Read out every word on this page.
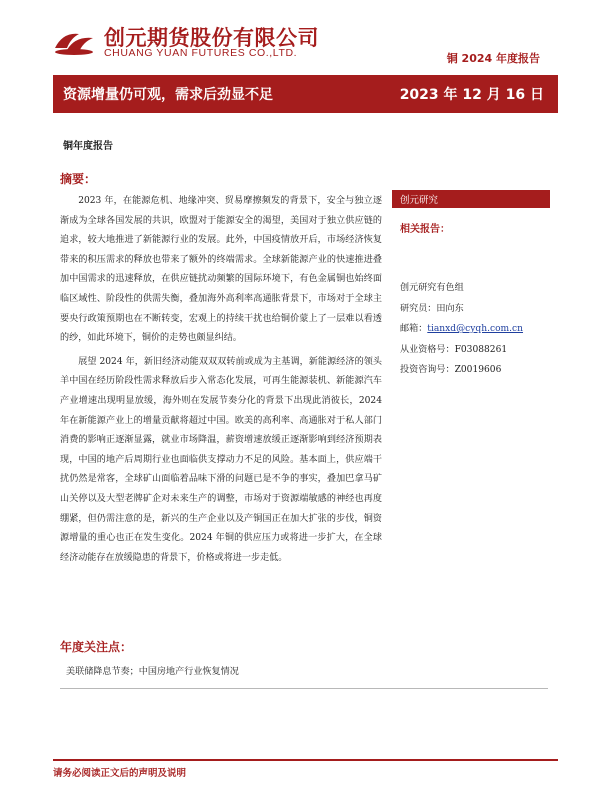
创元期货股份有限公司
CHUANG YUAN FUTURES CO.,LTD.	铜 2024 年度报告
资源增量仍可观，需求后劲显不足	2023 年 12 月 16 日
铜年度报告
摘要：

2023 年，在能源危机、地缘冲突、贸易摩擦频发的背景下，安全与独立逐渐成为全球各国发展的共识，欧盟对于能源安全的渴望，美国对于独立供应链的追求，较大地推进了新能源行业的发展。此外，中国疫情放开后，市场经济恢复带来的积压需求的释放也带来了额外的终端需求。全球新能源产业的快速推进叠加中国需求的迅速释放，在供应链扰动频繁的国际环境下，有色金属铜也始终面临区域性、阶段性的供需失衡，叠加海外高利率高通胀背景下，市场对于全球主要央行政策预期也在不断转变，宏观上的持续干扰也给铜价蒙上了一层难以看透的纱，如此环境下，铜价的走势也颇显纠结。

展望 2024 年，新旧经济动能双双双转前或成为主基调，新能源经济的领头羊中国在经历阶段性需求释放后步入常态化发展，可再生能源装机、新能源汽车产业增速出现明显放缓，海外则在发展节奏分化的背景下出现此消彼长，2024 年在新能源产业上的增量贡献将超过中国。欧美的高利率、高通胀对于私人部门消费的影响正逐渐显露，就业市场降温，薪资增速放缓正逐渐影响到经济预期表现，中国的地产后周期行业也面临供支撑动力不足的风险。基本面上，供应端干扰仍然是常客，全球矿山面临着品味下滑的问题已是不争的事实，叠加巴拿马矿山关停以及大型老牌矿企对未来生产的调整，市场对于资源端敏感的神经也再度绷紧，但仍需注意的是，新兴的生产企业以及产铜国正在加大扩张的步伐，铜资源增量的重心也正在发生变化。2024 年铜的供应压力或将进一步扩大，在全球经济动能存在放缓隐患的背景下，价格或将进一步走低。

年度关注点：
美联储降息节奏；中国房地产行业恢复情况
创元研究
相关报告：
创元研究有色组
研究员：田向东
邮箱：tianxd@cyqh.com.cn
从业资格号：F03088261
投资咨询号：Z0019606
请务必阅读正文后的声明及说明
